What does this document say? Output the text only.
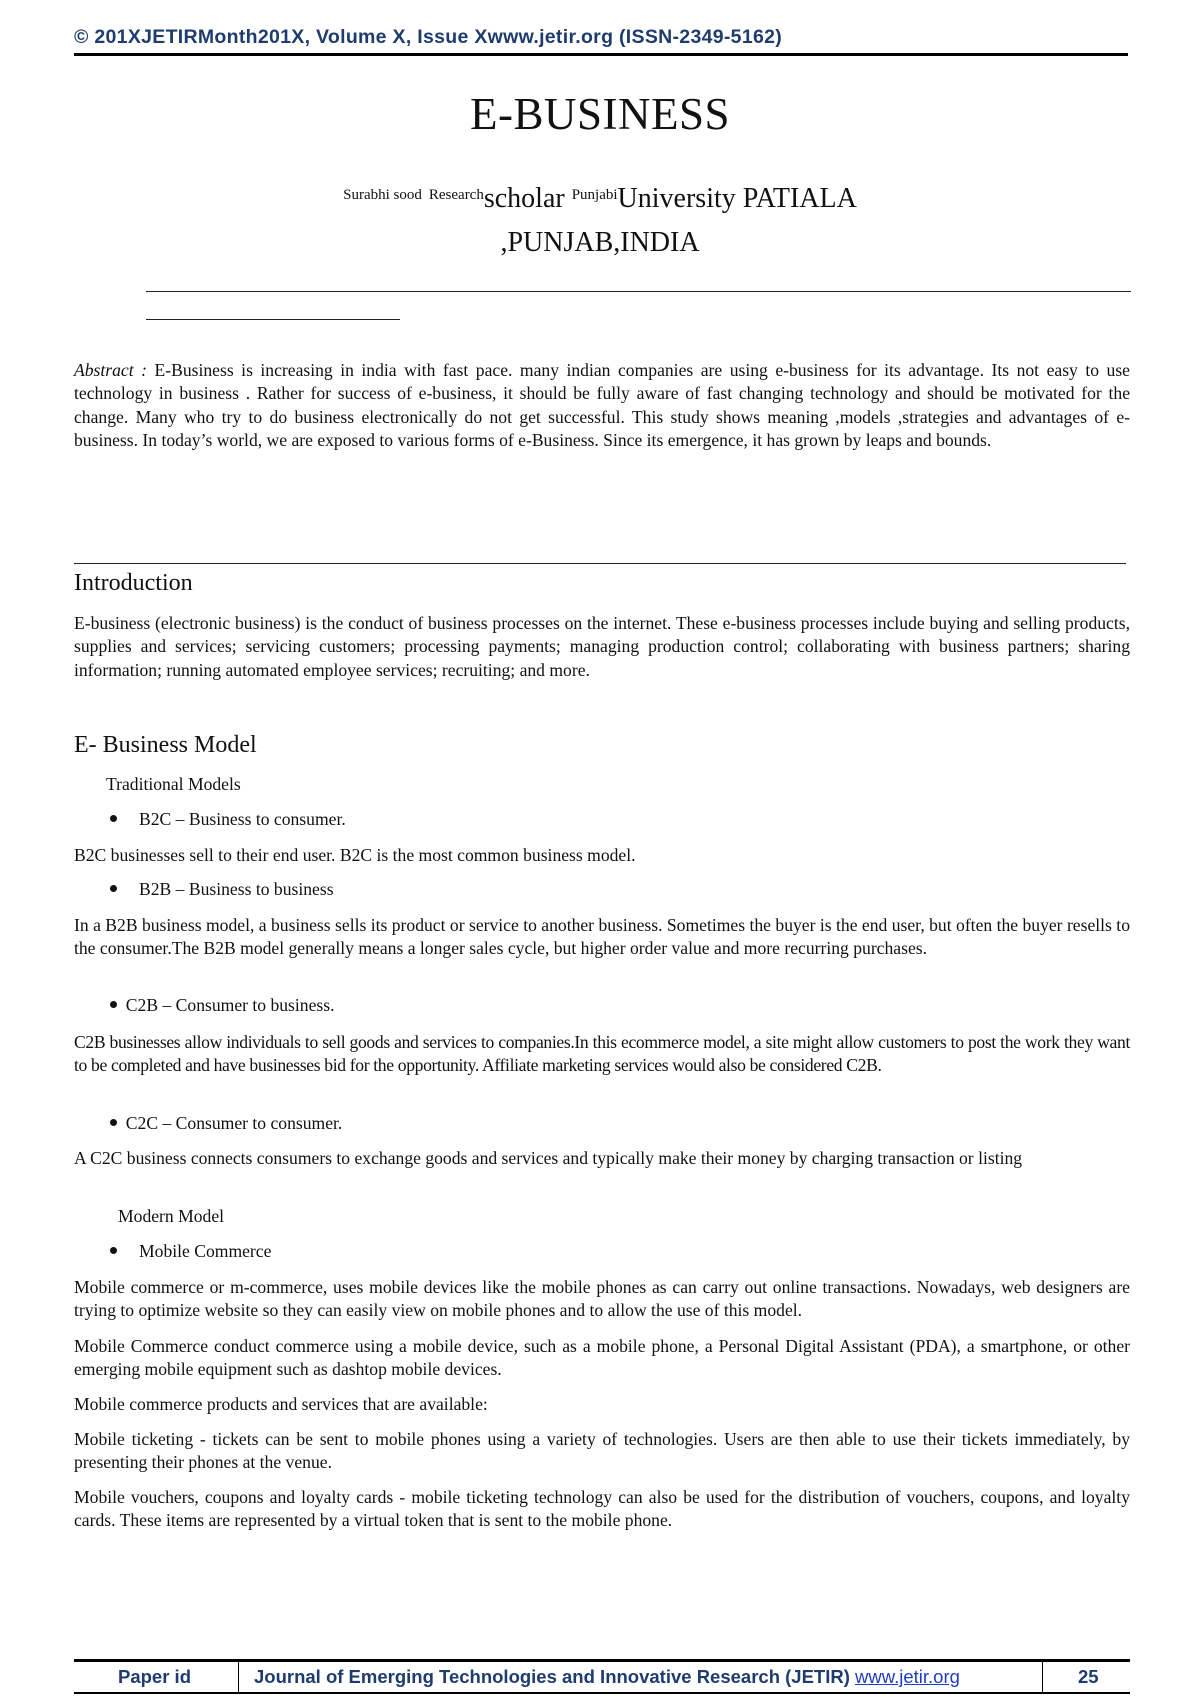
© 201XJETIRMonth201X, Volume X, Issue Xwww.jetir.org (ISSN-2349-5162)
E-BUSINESS
$^{Surabhi sood}$ $^{Research}$scholar $^{Punjabi}$University PATIALA
,PUNJAB,INDIA

Abstract : E-Business is increasing in india with fast pace. many indian companies are using e-business for its advantage. Its not easy to use technology in business . Rather for success of e-business, it should be fully aware of fast changing technology and should be motivated for the change. Many who try to do business electronically do not get successful. This study shows meaning ,models ,strategies and advantages of e-business. In today’s world, we are exposed to various forms of e-Business. Since its emergence, it has grown by leaps and bounds.

Introduction

E-business (electronic business) is the conduct of business processes on the internet. These e-business processes include buying and selling products, supplies and services; servicing customers; processing payments; managing production control; collaborating with business partners; sharing information; running automated employee services; recruiting; and more.

E- Business Model
Traditional Models
B2C – Business to consumer.

B2C businesses sell to their end user. B2C is the most common business model.

B2B – Business to business

In a B2B business model, a business sells its product or service to another business. Sometimes the buyer is the end user, but often the buyer resells to the consumer.The B2B model generally means a longer sales cycle, but higher order value and more recurring purchases.

C2B – Consumer to business.

C2B businesses allow individuals to sell goods and services to companies.In this ecommerce model, a site might allow customers to post the work they want to be completed and have businesses bid for the opportunity. Affiliate marketing services would also be considered C2B.

C2C – Consumer to consumer.

A C2C business connects consumers to exchange goods and services and typically make their money by charging transaction or listing

Modern Model
Mobile Commerce

Mobile commerce or m-commerce, uses mobile devices like the mobile phones as can carry out online transactions. Nowadays, web designers are trying to optimize website so they can easily view on mobile phones and to allow the use of this model.

Mobile Commerce conduct commerce using a mobile device, such as a mobile phone, a Personal Digital Assistant (PDA), a smartphone, or other emerging mobile equipment such as dashtop mobile devices.

Mobile commerce products and services that are available:

Mobile ticketing - tickets can be sent to mobile phones using a variety of technologies. Users are then able to use their tickets immediately, by presenting their phones at the venue.

Mobile vouchers, coupons and loyalty cards - mobile ticketing technology can also be used for the distribution of vouchers, coupons, and loyalty cards. These items are represented by a virtual token that is sent to the mobile phone.

Paper id	Journal of Emerging Technologies and Innovative Research (JETIR) www.jetir.org	25
